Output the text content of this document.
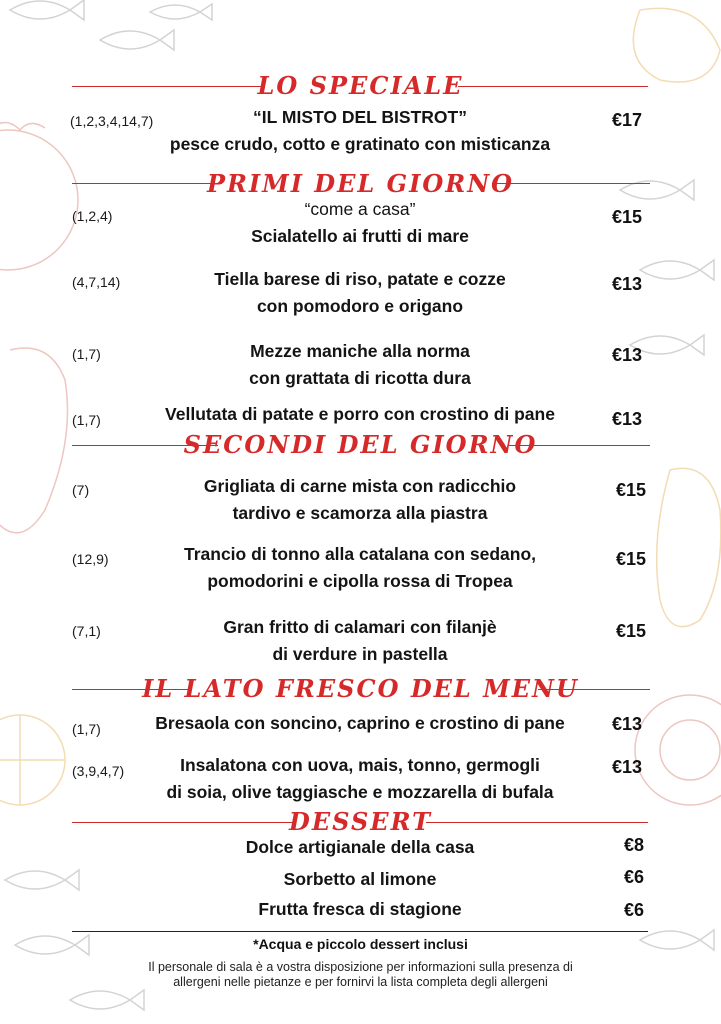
LO SPECIALE
(1,2,3,4,14,7)	“IL MISTO DEL BISTROT”
pesce crudo, cotto e gratinato con misticanza
€17
PRIMI DEL GIORNO
(1,2,4)	“come a casa”
Scialatello ai frutti di mare
€15
(4,7,14)	Tiella barese di riso, patate e cozze
con pomodoro e origano
€13
(1,7)	Mezze maniche alla norma
con grattata di ricotta dura
€13
(1,7)	Vellutata di patate e porro con crostino di pane	€13
SECONDI DEL GIORNO
(7)	Grigliata di carne mista con radicchio
tardivo e scamorza alla piastra
€15
(12,9)	Trancio di tonno alla catalana con sedano,
pomodorini e cipolla rossa di Tropea
€15
(7,1)	Gran fritto di calamari con filanjè
di verdure in pastella
€15
IL LATO FRESCO DEL MENU
(1,7)	Bresaola con soncino, caprino e crostino di pane	€13
(3,9,4,7)	Insalatona con uova, mais, tonno, germogli
di soia, olive taggiasche e mozzarella di bufala
€13
DESSERT
Dolce artigianale della casa	€8
Sorbetto al limone	€6
Frutta fresca di stagione	€6
*Acqua e piccolo dessert inclusi
Il personale di sala è a vostra disposizione per informazioni sulla presenza di
allergeni nelle pietanze e per fornirvi la lista completa degli allergeni
